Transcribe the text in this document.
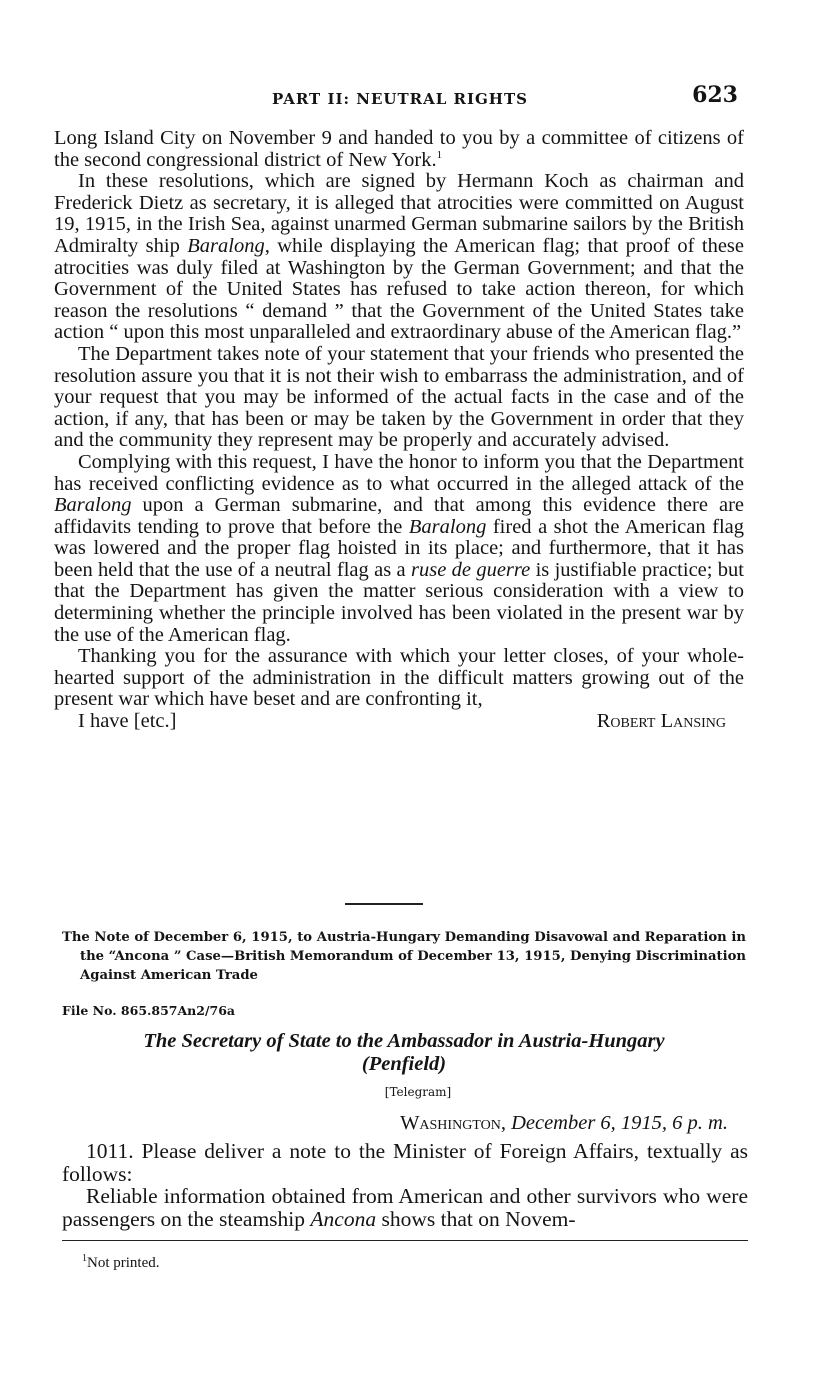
PART II: NEUTRAL RIGHTS	623

Long Island City on November 9 and handed to you by a committee of citizens of the second congressional district of New York.$^1$

In these resolutions, which are signed by Hermann Koch as chairman and Frederick Dietz as secretary, it is alleged that atrocities were committed on August 19, 1915, in the Irish Sea, against unarmed German submarine sailors by the British Admiralty ship Baralong, while displaying the American flag; that proof of these atrocities was duly filed at Washington by the German Government; and that the Government of the United States has refused to take action thereon, for which reason the resolutions “ demand ” that the Government of the United States take action “ upon this most unparalleled and extraordinary abuse of the American flag.”

The Department takes note of your statement that your friends who presented the resolution assure you that it is not their wish to embarrass the administration, and of your request that you may be informed of the actual facts in the case and of the action, if any, that has been or may be taken by the Government in order that they and the community they represent may be properly and accurately advised.

Complying with this request, I have the honor to inform you that the Department has received conflicting evidence as to what occurred in the alleged attack of the Baralong upon a German submarine, and that among this evidence there are affidavits tending to prove that before the Baralong fired a shot the American flag was lowered and the proper flag hoisted in its place; and furthermore, that it has been held that the use of a neutral flag as a ruse de guerre is justifiable practice; but that the Department has given the matter serious consideration with a view to determining whether the principle involved has been violated in the present war by the use of the American flag.

Thanking you for the assurance with which your letter closes, of your whole-hearted support of the administration in the difficult matters growing out of the present war which have beset and are confronting it,

I have [etc.]	Robert Lansing
The Note of December 6, 1915, to Austria-Hungary Demanding Disavowal and Reparation in the “Ancona ” Case—British Memorandum of December 13, 1915, Denying Discrimination Against American Trade
File No. 865.857An2/76a
The Secretary of State to the Ambassador in Austria-Hungary
(Penfield)
[Telegram]
Washington, December 6, 1915, 6 p. m.

1011. Please deliver a note to the Minister of Foreign Affairs, textually as follows:

Reliable information obtained from American and other survivors who were passengers on the steamship Ancona shows that on Novem-

$^1$Not printed.
